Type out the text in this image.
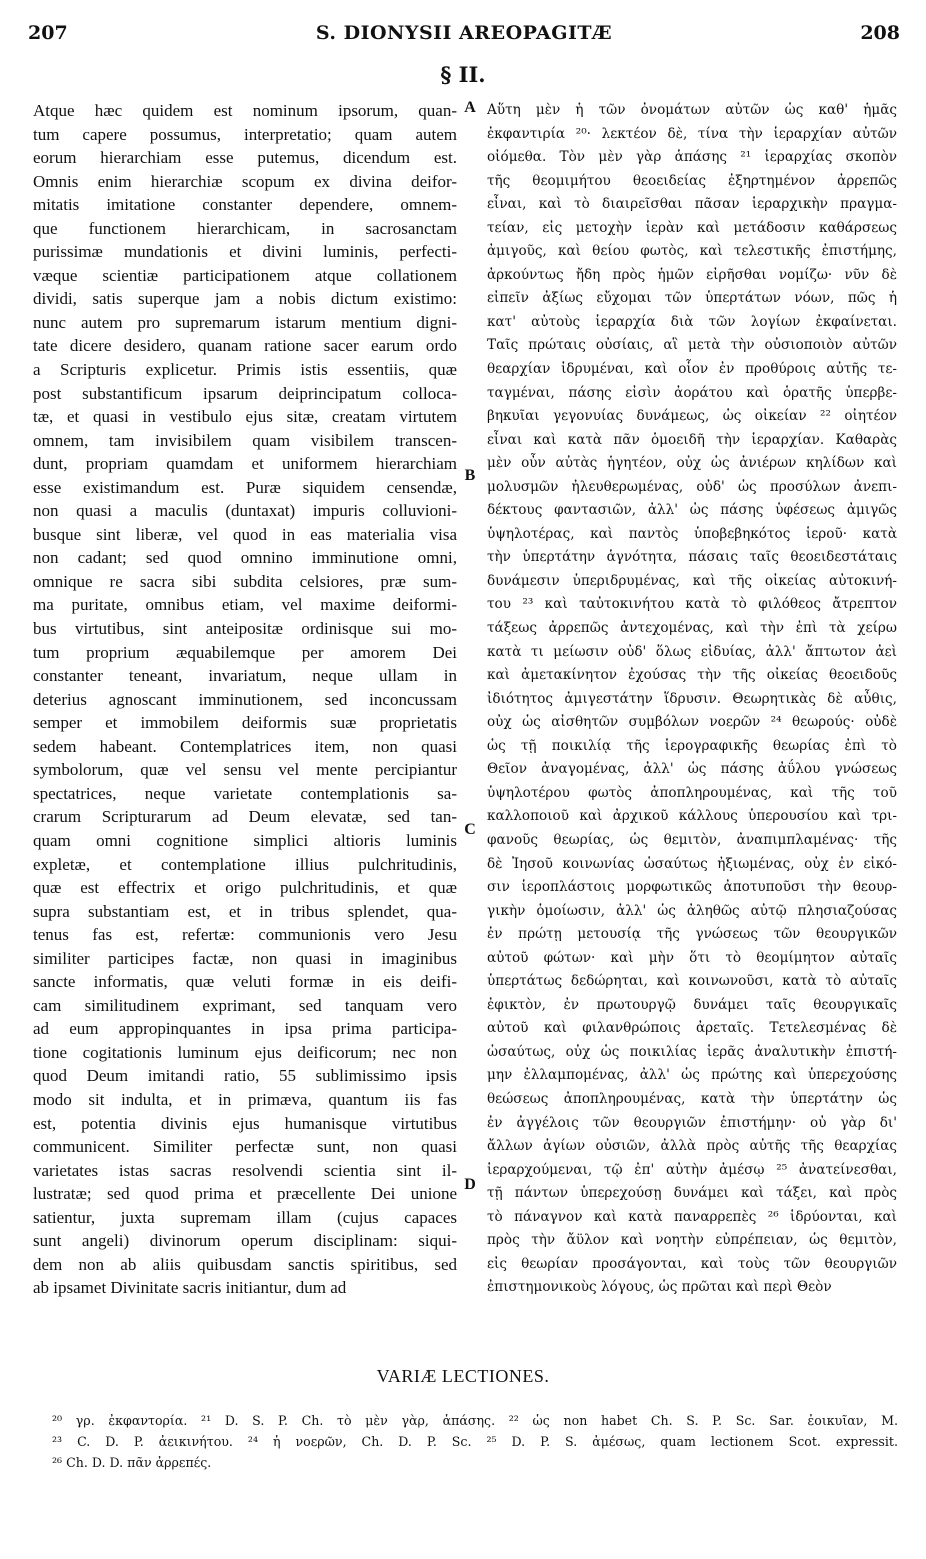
207	S. DIONYSII AREOPAGITÆ	208
§ II.
Atque hæc quidem est nominum ipsorum, quan-
tum capere possumus, interpretatio; quam autem
eorum hierarchiam esse putemus, dicendum est.
Omnis enim hierarchiæ scopum ex divina deifor-
mitatis imitatione constanter dependere, omnem-
que functionem hierarchicam, in sacrosanctam
purissimæ mundationis et divini luminis, perfecti-
væque scientiæ participationem atque collationem
dividi, satis superque jam a nobis dictum existimo:
nunc autem pro supremarum istarum mentium digni-
tate dicere desidero, quanam ratione sacer earum ordo
a Scripturis explicetur. Primis istis essentiis, quæ
post substantificum ipsarum deiprincipatum colloca-
tæ, et quasi in vestibulo ejus sitæ, creatam virtutem
omnem, tam invisibilem quam visibilem transcen-
dunt, propriam quamdam et uniformem hierarchiam
esse existimandum est. Puræ siquidem censendæ,
non quasi a maculis (duntaxat) impuris colluvioni-
busque sint liberæ, vel quod in eas materialia visa
non cadant; sed quod omnino imminutione omni,
omnique re sacra sibi subdita celsiores, præ sum-
ma puritate, omnibus etiam, vel maxime deiformi-
bus virtutibus, sint anteipositæ ordinisque sui mo-
tum proprium æquabilemque per amorem Dei
constanter teneant, invariatum, neque ullam in
deterius agnoscant imminutionem, sed inconcussam
semper et immobilem deiformis suæ proprietatis
sedem habeant. Contemplatrices item, non quasi
symbolorum, quæ vel sensu vel mente percipiantur
spectatrices, neque varietate contemplationis sa-
crarum Scripturarum ad Deum elevatæ, sed tan-
quam omni cognitione simplici altioris luminis
expletæ, et contemplatione illius pulchritudinis,
quæ est effectrix et origo pulchritudinis, et quæ
supra substantiam est, et in tribus splendet, qua-
tenus fas est, refertæ: communionis vero Jesu
similiter participes factæ, non quasi in imaginibus
sancte informatis, quæ veluti formæ in eis deifi-
cam similitudinem exprimant, sed tanquam vero
ad eum appropinquantes in ipsa prima participa-
tione cogitationis luminum ejus deificorum; nec non
quod Deum imitandi ratio, 55 sublimissimo ipsis
modo sit indulta, et in primæva, quantum iis fas
est, potentia divinis ejus humanisque virtutibus
communicent. Similiter perfectæ sunt, non quasi
varietates istas sacras resolvendi scientia sint il-
lustratæ; sed quod prima et præcellente Dei unione
satientur, juxta supremam illam (cujus capaces
sunt angeli) divinorum operum disciplinam: siqui-
dem non ab aliis quibusdam sanctis spiritibus, sed
ab ipsamet Divinitate sacris initiantur, dum ad
A
B
C
D
Αὕτη μὲν ἡ τῶν ὀνομάτων αὐτῶν ὡς καθ' ἡμᾶς
ἐκφαντιρία ²⁰· λεκτέον δὲ, τίνα τὴν ἱεραρχίαν αὐτῶν
οἰόμεθα. Τὸν μὲν γὰρ ἁπάσης ²¹ ἱεραρχίας σκοπὸν
τῆς θεομιμήτου θεοειδείας ἐξηρτημένον ἀρρεπῶς
εἶναι, καὶ τὸ διαιρεῖσθαι πᾶσαν ἱεραρχικὴν πραγμα-
τείαν, εἰς μετοχὴν ἱερὰν καὶ μετάδοσιν καθάρσεως
ἀμιγοῦς, καὶ θείου φωτὸς, καὶ τελεστικῆς ἐπιστήμης,
ἀρκούντως ἤδη πρὸς ἡμῶν εἰρῆσθαι νομίζω· νῦν δὲ
εἰπεῖν ἀξίως εὔχομαι τῶν ὑπερτάτων νόων, πῶς ἡ
κατ' αὐτοὺς ἱεραρχία διὰ τῶν λογίων ἐκφαίνεται.
Ταῖς πρώταις οὐσίαις, αἳ μετὰ τὴν οὐσιοποιὸν αὐτῶν
θεαρχίαν ἱδρυμέναι, καὶ οἷον ἐν προθύροις αὐτῆς τε-
ταγμέναι, πάσης εἰσὶν ἀοράτου καὶ ὁρατῆς ὑπερβε-
βηκυῖαι γεγονυίας δυνάμεως, ὡς οἰκείαν ²² οἰητέον
εἶναι καὶ κατὰ πᾶν ὁμοειδῆ τὴν ἱεραρχίαν. Καθαρὰς
μὲν οὖν αὐτὰς ἡγητέον, οὐχ ὡς ἀνιέρων κηλίδων καὶ
μολυσμῶν ἠλευθερωμένας, οὐδ' ὡς προσύλων ἀνεπι-
δέκτους φαντασιῶν, ἀλλ' ὡς πάσης ὑφέσεως ἀμιγῶς
ὑψηλοτέρας, καὶ παντὸς ὑποβεβηκότος ἱεροῦ· κατὰ
τὴν ὑπερτάτην ἁγνότητα, πάσαις ταῖς θεοειδεστάταις
δυνάμεσιν ὑπεριδρυμένας, καὶ τῆς οἰκείας αὐτοκινή-
του ²³ καὶ ταὐτοκινήτου κατὰ τὸ φιλόθεος ἄτρεπτον
τάξεως ἀρρεπῶς ἀντεχομένας, καὶ τὴν ἐπὶ τὰ χείρω
κατὰ τι μείωσιν οὐδ' ὅλως εἰδυίας, ἀλλ' ἄπτωτον ἀεὶ
καὶ ἀμετακίνητον ἐχούσας τὴν τῆς οἰκείας θεοειδοῦς
ἰδιότητος ἀμιγεστάτην ἵδρυσιν. Θεωρητικὰς δὲ αὖθις,
οὐχ ὡς αἰσθητῶν συμβόλων νοερῶν ²⁴ θεωρούς· οὐδὲ
ὡς τῇ ποικιλίᾳ τῆς ἱερογραφικῆς θεωρίας ἐπὶ τὸ
Θεῖον ἀναγομένας, ἀλλ' ὡς πάσης ἀΰλου γνώσεως
ὑψηλοτέρου φωτὸς ἀποπληρουμένας, καὶ τῆς τοῦ
καλλοποιοῦ καὶ ἀρχικοῦ κάλλους ὑπερουσίου καὶ τρι-
φανοῦς θεωρίας, ὡς θεμιτὸν, ἀναπιμπλαμένας· τῆς
δὲ Ἰησοῦ κοινωνίας ὡσαύτως ἠξιωμένας, οὐχ ἐν εἰκό-
σιν ἱεροπλάστοις μορφωτικῶς ἀποτυποῦσι τὴν θεουρ-
γικὴν ὁμοίωσιν, ἀλλ' ὡς ἀληθῶς αὐτῷ πλησιαζούσας
ἐν πρώτῃ μετουσίᾳ τῆς γνώσεως τῶν θεουργικῶν
αὐτοῦ φώτων· καὶ μὴν ὅτι τὸ θεομίμητον αὐταῖς
ὑπερτάτως δεδώρηται, καὶ κοινωνοῦσι, κατὰ τὸ αὐταῖς
ἐφικτὸν, ἐν πρωτουργῷ δυνάμει ταῖς θεουργικαῖς
αὐτοῦ καὶ φιλανθρώποις ἀρεταῖς. Τετελεσμένας δὲ
ὡσαύτως, οὐχ ὡς ποικιλίας ἱερᾶς ἀναλυτικὴν ἐπιστή-
μην ἐλλαμπομένας, ἀλλ' ὡς πρώτης καὶ ὑπερεχούσης
θεώσεως ἀποπληρουμένας, κατὰ τὴν ὑπερτάτην ὡς
ἐν ἀγγέλοις τῶν θεουργιῶν ἐπιστήμην· οὐ γὰρ δι'
ἄλλων ἁγίων οὐσιῶν, ἀλλὰ πρὸς αὐτῆς τῆς θεαρχίας
ἱεραρχούμεναι, τῷ ἐπ' αὐτὴν ἀμέσῳ ²⁵ ἀνατείνεσθαι,
τῇ πάντων ὑπερεχούσῃ δυνάμει καὶ τάξει, καὶ πρὸς
τὸ πάναγνον καὶ κατὰ παναρρεπὲς ²⁶ ἱδρύονται, καὶ
πρὸς τὴν ἄϋλον καὶ νοητὴν εὐπρέπειαν, ὡς θεμιτὸν,
εἰς θεωρίαν προσάγονται, καὶ τοὺς τῶν θεουργιῶν
ἐπιστημονικοὺς λόγους, ὡς πρῶται καὶ περὶ Θεὸν
VARIÆ LECTIONES.
²⁰ γρ. ἐκφαντορία. ²¹ D. S. P. Ch. τὸ μὲν γὰρ, ἁπάσης. ²² ὡς non habet Ch. S. P. Sc. Sar. ἐοικυῖαν, M.
²³ C. D. P. ἀεικινήτου. ²⁴ ἡ νοερῶν, Ch. D. P. Sc. ²⁵ D. P. S. ἀμέσως, quam lectionem Scot. expressit.
²⁶ Ch. D. D. πᾶν ἀρρεπές.
